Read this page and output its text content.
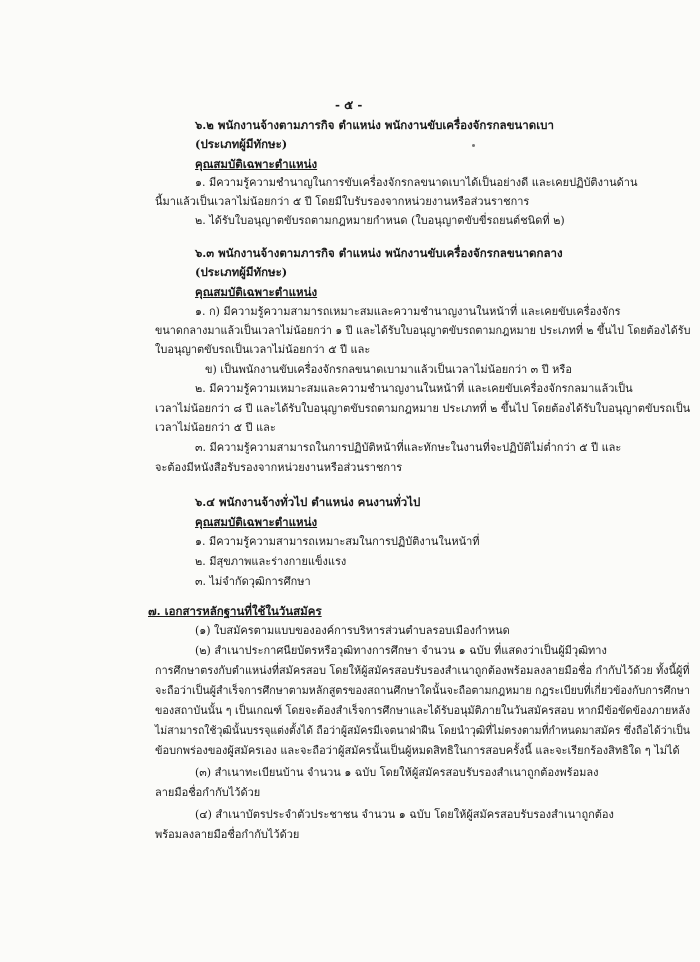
- ๕ -
๖.๒ พนักงานจ้างตามภารกิจ ตำแหน่ง พนักงานขับเครื่องจักรกลขนาดเบา
(ประเภทผู้มีทักษะ)
คุณสมบัติเฉพาะตำแหน่ง
๑. มีความรู้ความชำนาญในการขับเครื่องจักรกลขนาดเบาได้เป็นอย่างดี และเคยปฏิบัติงานด้าน
นี้มาแล้วเป็นเวลาไม่น้อยกว่า ๕ ปี โดยมีใบรับรองจากหน่วยงานหรือส่วนราชการ
๒. ได้รับใบอนุญาตขับรถตามกฎหมายกำหนด (ใบอนุญาตขับขี่รถยนต์ชนิดที่ ๒)
๖.๓ พนักงานจ้างตามภารกิจ ตำแหน่ง พนักงานขับเครื่องจักรกลขนาดกลาง
(ประเภทผู้มีทักษะ)
คุณสมบัติเฉพาะตำแหน่ง
๑. ก) มีความรู้ความสามารถเหมาะสมและความชำนาญงานในหน้าที่ และเคยขับเครื่องจักร
ขนาดกลางมาแล้วเป็นเวลาไม่น้อยกว่า ๑ ปี และได้รับใบอนุญาตขับรถตามกฎหมาย ประเภทที่ ๒ ขึ้นไป โดยต้องได้รับ
ใบอนุญาตขับรถเป็นเวลาไม่น้อยกว่า ๕ ปี และ
ข) เป็นพนักงานขับเครื่องจักรกลขนาดเบามาแล้วเป็นเวลาไม่น้อยกว่า ๓ ปี หรือ
๒. มีความรู้ความเหมาะสมและความชำนาญงานในหน้าที่ และเคยขับเครื่องจักรกลมาแล้วเป็น
เวลาไม่น้อยกว่า ๘ ปี และได้รับใบอนุญาตขับรถตามกฎหมาย ประเภทที่ ๒ ขึ้นไป โดยต้องได้รับใบอนุญาตขับรถเป็น
เวลาไม่น้อยกว่า ๕ ปี และ
๓. มีความรู้ความสามารถในการปฏิบัติหน้าที่และทักษะในงานที่จะปฏิบัติไม่ต่ำกว่า ๕ ปี และ
จะต้องมีหนังสือรับรองจากหน่วยงานหรือส่วนราชการ
๖.๔ พนักงานจ้างทั่วไป ตำแหน่ง คนงานทั่วไป
คุณสมบัติเฉพาะตำแหน่ง
๑. มีความรู้ความสามารถเหมาะสมในการปฏิบัติงานในหน้าที่
๒. มีสุขภาพและร่างกายแข็งแรง
๓. ไม่จำกัดวุฒิการศึกษา
๗. เอกสารหลักฐานที่ใช้ในวันสมัคร
(๑) ใบสมัครตามแบบขององค์การบริหารส่วนตำบลรอบเมืองกำหนด
(๒) สำเนาประกาศนียบัตรหรือวุฒิทางการศึกษา จำนวน ๑ ฉบับ ที่แสดงว่าเป็นผู้มีวุฒิทาง
การศึกษาตรงกับตำแหน่งที่สมัครสอบ โดยให้ผู้สมัครสอบรับรองสำเนาถูกต้องพร้อมลงลายมือชื่อ กำกับไว้ด้วย ทั้งนี้ผู้ที่
จะถือว่าเป็นผู้สำเร็จการศึกษาตามหลักสูตรของสถานศึกษาใดนั้นจะถือตามกฎหมาย กฎระเบียบที่เกี่ยวข้องกับการศึกษา
ของสถาบันนั้น ๆ เป็นเกณฑ์ โดยจะต้องสำเร็จการศึกษาและได้รับอนุมัติภายในวันสมัครสอบ หากมีข้อขัดข้องภายหลัง
ไม่สามารถใช้วุฒินั้นบรรจุแต่งตั้งได้ ถือว่าผู้สมัครมีเจตนาฝ่าฝืน โดยนำวุฒิที่ไม่ตรงตามที่กำหนดมาสมัคร ซึ่งถือได้ว่าเป็น
ข้อบกพร่องของผู้สมัครเอง และจะถือว่าผู้สมัครนั้นเป็นผู้หมดสิทธิในการสอบครั้งนี้ และจะเรียกร้องสิทธิใด ๆ ไม่ได้
(๓) สำเนาทะเบียนบ้าน จำนวน ๑ ฉบับ โดยให้ผู้สมัครสอบรับรองสำเนาถูกต้องพร้อมลง
ลายมือชื่อกำกับไว้ด้วย
(๔) สำเนาบัตรประจำตัวประชาชน จำนวน ๑ ฉบับ โดยให้ผู้สมัครสอบรับรองสำเนาถูกต้อง
พร้อมลงลายมือชื่อกำกับไว้ด้วย
